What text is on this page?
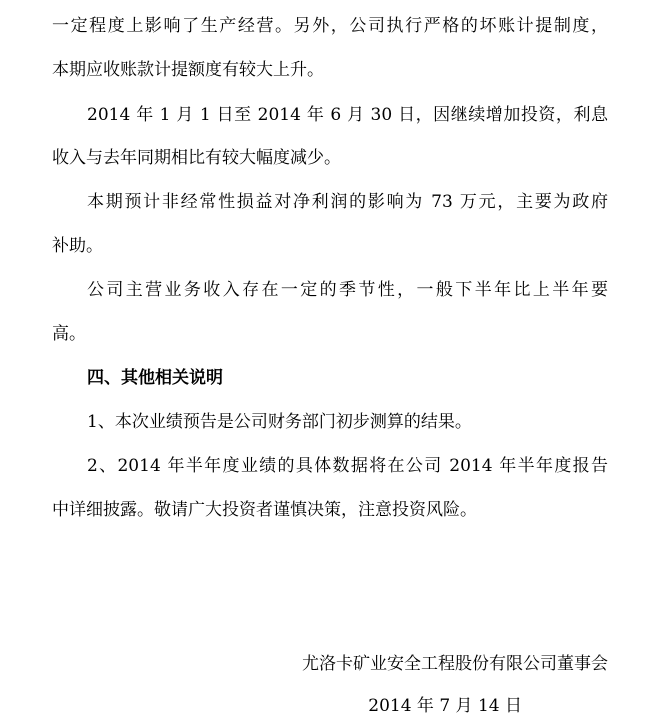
一定程度上影响了生产经营。另外，公司执行严格的坏账计提制度，
本期应收账款计提额度有较大上升。
2014 年 1 月 1 日至 2014 年 6 月 30 日，因继续增加投资，利息
收入与去年同期相比有较大幅度减少。
本期预计非经常性损益对净利润的影响为 73 万元，主要为政府
补助。
公司主营业务收入存在一定的季节性，一般下半年比上半年要
高。
四、其他相关说明
1、本次业绩预告是公司财务部门初步测算的结果。
2、2014 年半年度业绩的具体数据将在公司 2014 年半年度报告
中详细披露。敬请广大投资者谨慎决策，注意投资风险。
尤洛卡矿业安全工程股份有限公司董事会
2014 年 7 月 14 日
